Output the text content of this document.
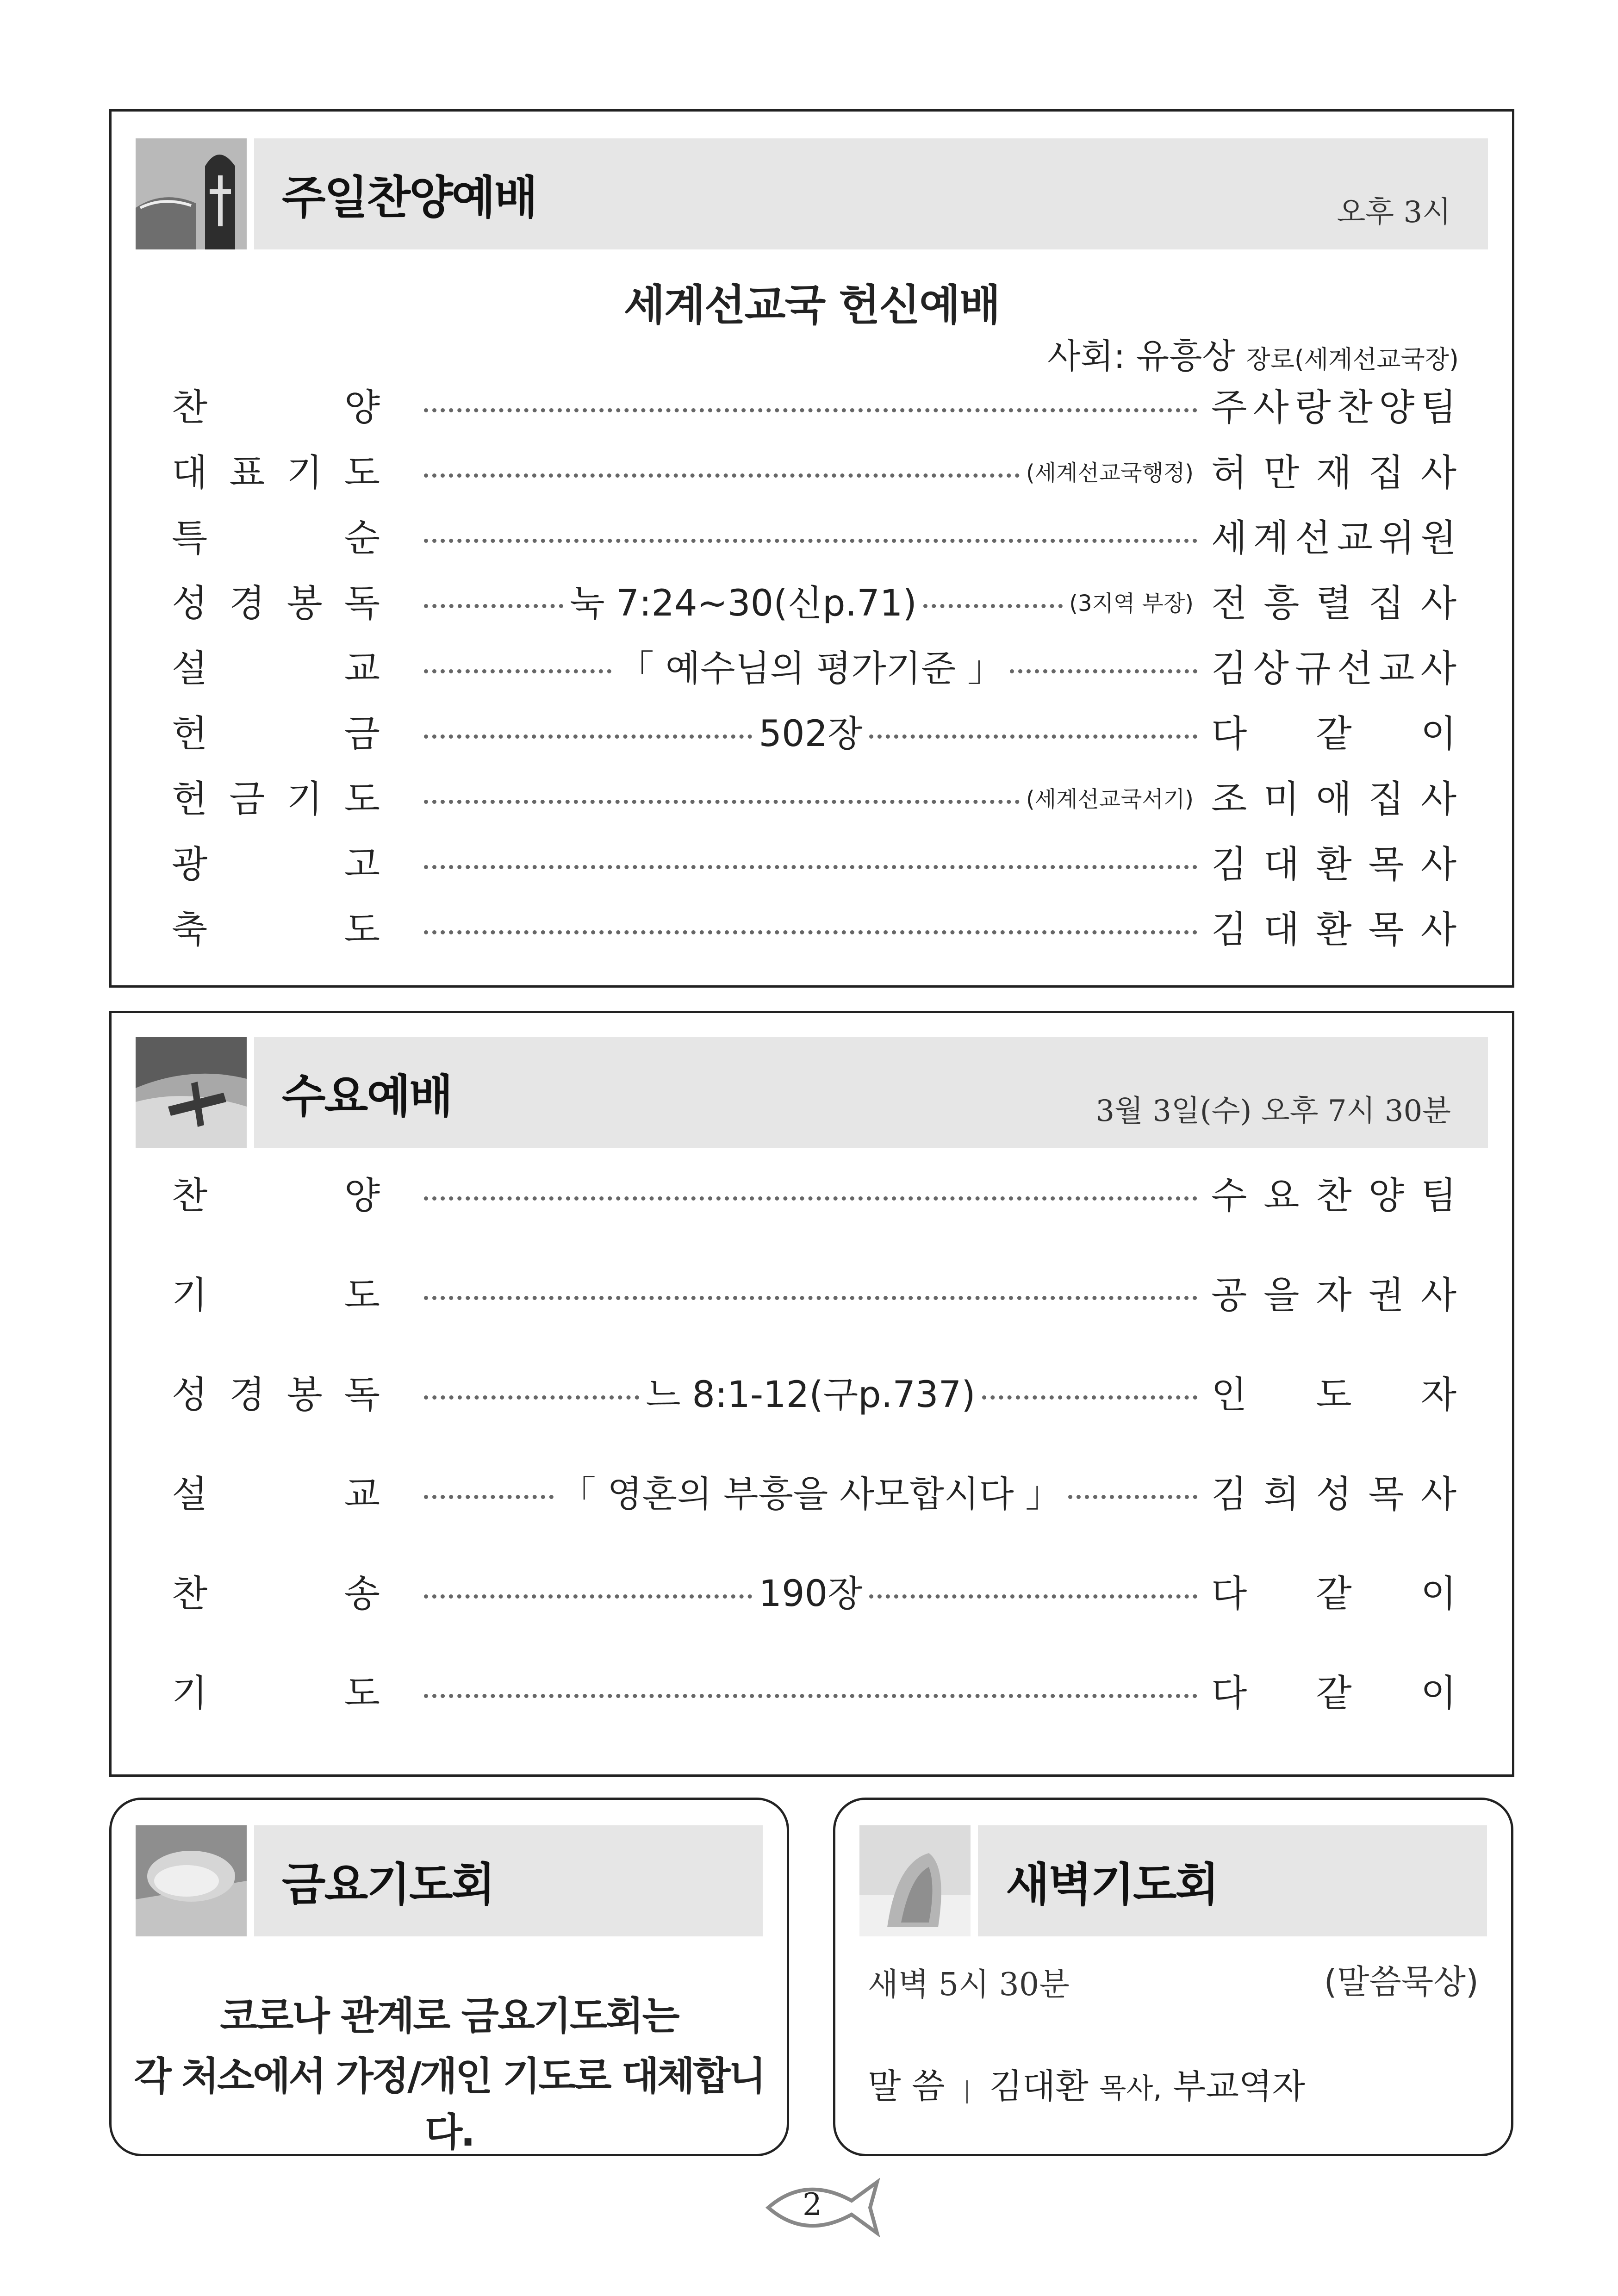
주일찬양예배	오후 3시
세계선교국 헌신예배
사회: 유흥상 장로(세계선교국장)
찬	양	주 사 랑 찬 양 팀
대 표 기 도	(세계선교국행정) 허 만 재 집 사
특	순	세 계 선 교 위 원
성 경 봉 독	눅 7:24~30(신p.71)	(3지역 부장) 전 흥 렬 집 사
설	교	「 예수님의 평가기준 」	김 상 규 선 교 사
헌	금	502장	다 같 이
헌 금 기 도	(세계선교국서기) 조 미 애 집 사
광	고	김 대 환 목 사
축	도	김 대 환 목 사
수요예배	3월 3일(수) 오후 7시 30분
찬	양	수 요 찬 양 팀
기	도	공 을 자 권 사
성 경 봉 독	느 8:1-12(구p.737)	인 도 자
설	교	「 영혼의 부흥을 사모합시다 」	김 희 성 목 사
찬	송	190장	다 같 이
기	도	다 같 이
금요기도회
코로나 관계로 금요기도회는
각 처소에서 가정/개인 기도로 대체합니다.
새벽기도회
새벽 5시 30분	(말씀묵상)
말 씀 | 김대환 목사, 부교역자
2
